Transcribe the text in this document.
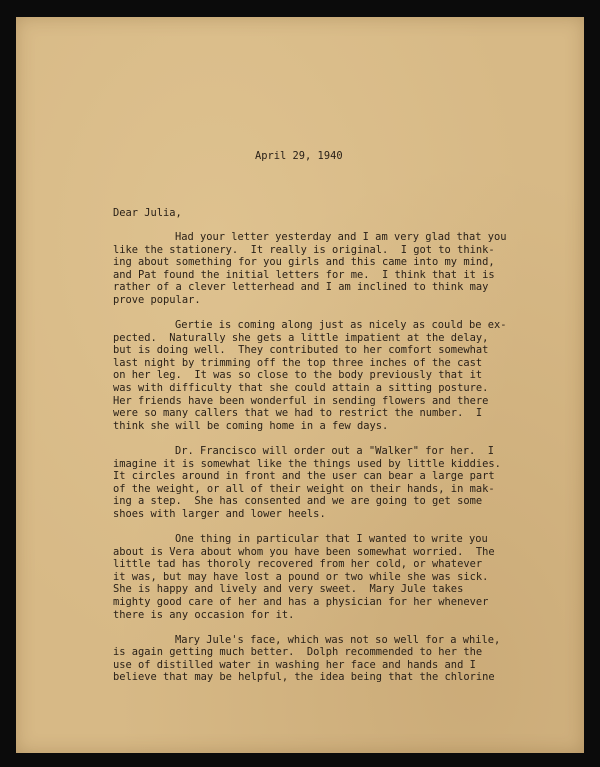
April 29, 1940
Dear Julia,
Had your letter yesterday and I am very glad that you
like the stationery.  It really is original.  I got to think-
ing about something for you girls and this came into my mind,
and Pat found the initial letters for me.  I think that it is
rather of a clever letterhead and I am inclined to think may
prove popular.
Gertie is coming along just as nicely as could be ex-
pected.  Naturally she gets a little impatient at the delay,
but is doing well.  They contributed to her comfort somewhat
last night by trimming off the top three inches of the cast
on her leg.  It was so close to the body previously that it
was with difficulty that she could attain a sitting posture.
Her friends have been wonderful in sending flowers and there
were so many callers that we had to restrict the number.  I
think she will be coming home in a few days.
Dr. Francisco will order out a "Walker" for her.  I
imagine it is somewhat like the things used by little kiddies.
It circles around in front and the user can bear a large part
of the weight, or all of their weight on their hands, in mak-
ing a step.  She has consented and we are going to get some
shoes with larger and lower heels.
One thing in particular that I wanted to write you
about is Vera about whom you have been somewhat worried.  The
little tad has thoroly recovered from her cold, or whatever
it was, but may have lost a pound or two while she was sick.
She is happy and lively and very sweet.  Mary Jule takes
mighty good care of her and has a physician for her whenever
there is any occasion for it.
Mary Jule's face, which was not so well for a while,
is again getting much better.  Dolph recommended to her the
use of distilled water in washing her face and hands and I
believe that may be helpful, the idea being that the chlorine
